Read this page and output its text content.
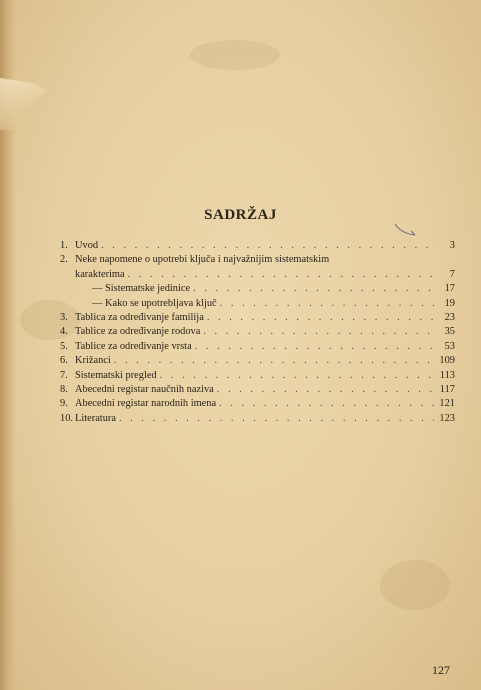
SADRŽAJ
1. Uvod . . .	3
2. Neke napomene o upotrebi ključa i najvažnijim sistematskim
karakterima . . .	7
— Sistematske jedinice . . .	17
— Kako se upotrebljava ključ . . .	19
3. Tablica za određivanje familija . . .	23
4. Tablice za određivanje rodova . . .	35
5. Tablice za određivanje vrsta . . .	53
6. Križanci . . .	109
7. Sistematski pregled . . .	113
8. Abecedni registar naučnih naziva . . .	117
9. Abecedni registar narodnih imena . . .	121
10. Literatura . . .	123
127
